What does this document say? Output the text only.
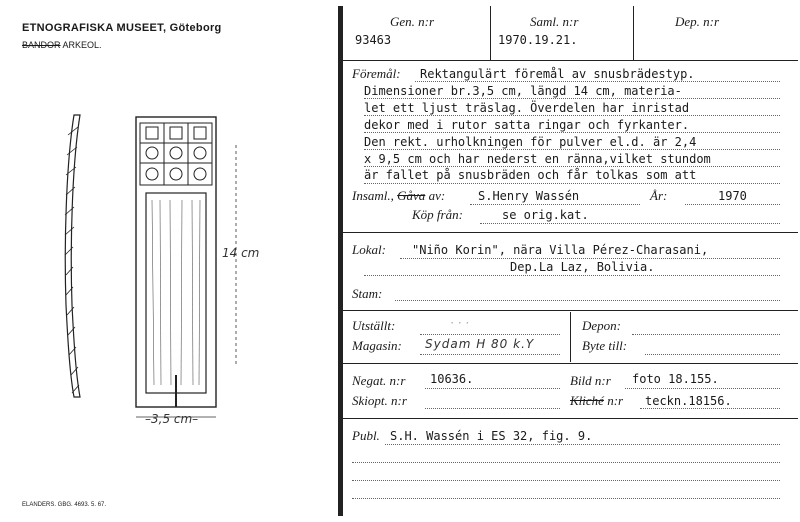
ETNOGRAFISKA MUSEET, Göteborg
BANDOR ARKEOL.
14 cm
–3,5 cm–
ELANDERS. GBG. 4693. 5. 67.
Gen. n:r
93463
Saml. n:r
1970.19.21.
Dep. n:r
Föremål: Rektangulärt föremål av snusbrädestyp.
Dimensioner br.3,5 cm, längd 14 cm, materia-
let ett ljust träslag. Överdelen har inristad
dekor med i rutor satta ringar och fyrkanter.
Den rekt. urholkningen för pulver el.d. är 2,4
x 9,5 cm och har nederst en ränna,vilket stundom
är fallet på snusbräden och får tolkas som att
Insaml., Gåva av:	S.Henry Wassén	År:	1970
Köp från:	se orig.kat.
Lokal: "Niño Korin", nära Villa Pérez-Charasani,
Dep.La Laz, Bolivia.
Stam:
Utställt:	· · ·
Magasin: Sydam H 80 k.Y
Depon:
Byte till:
Negat. n:r 10636.	Bild n:r foto 18.155.
Skiopt. n:r	Kliché n:r teckn.18156.
Publ. S.H. Wassén i ES 32, fig. 9.
